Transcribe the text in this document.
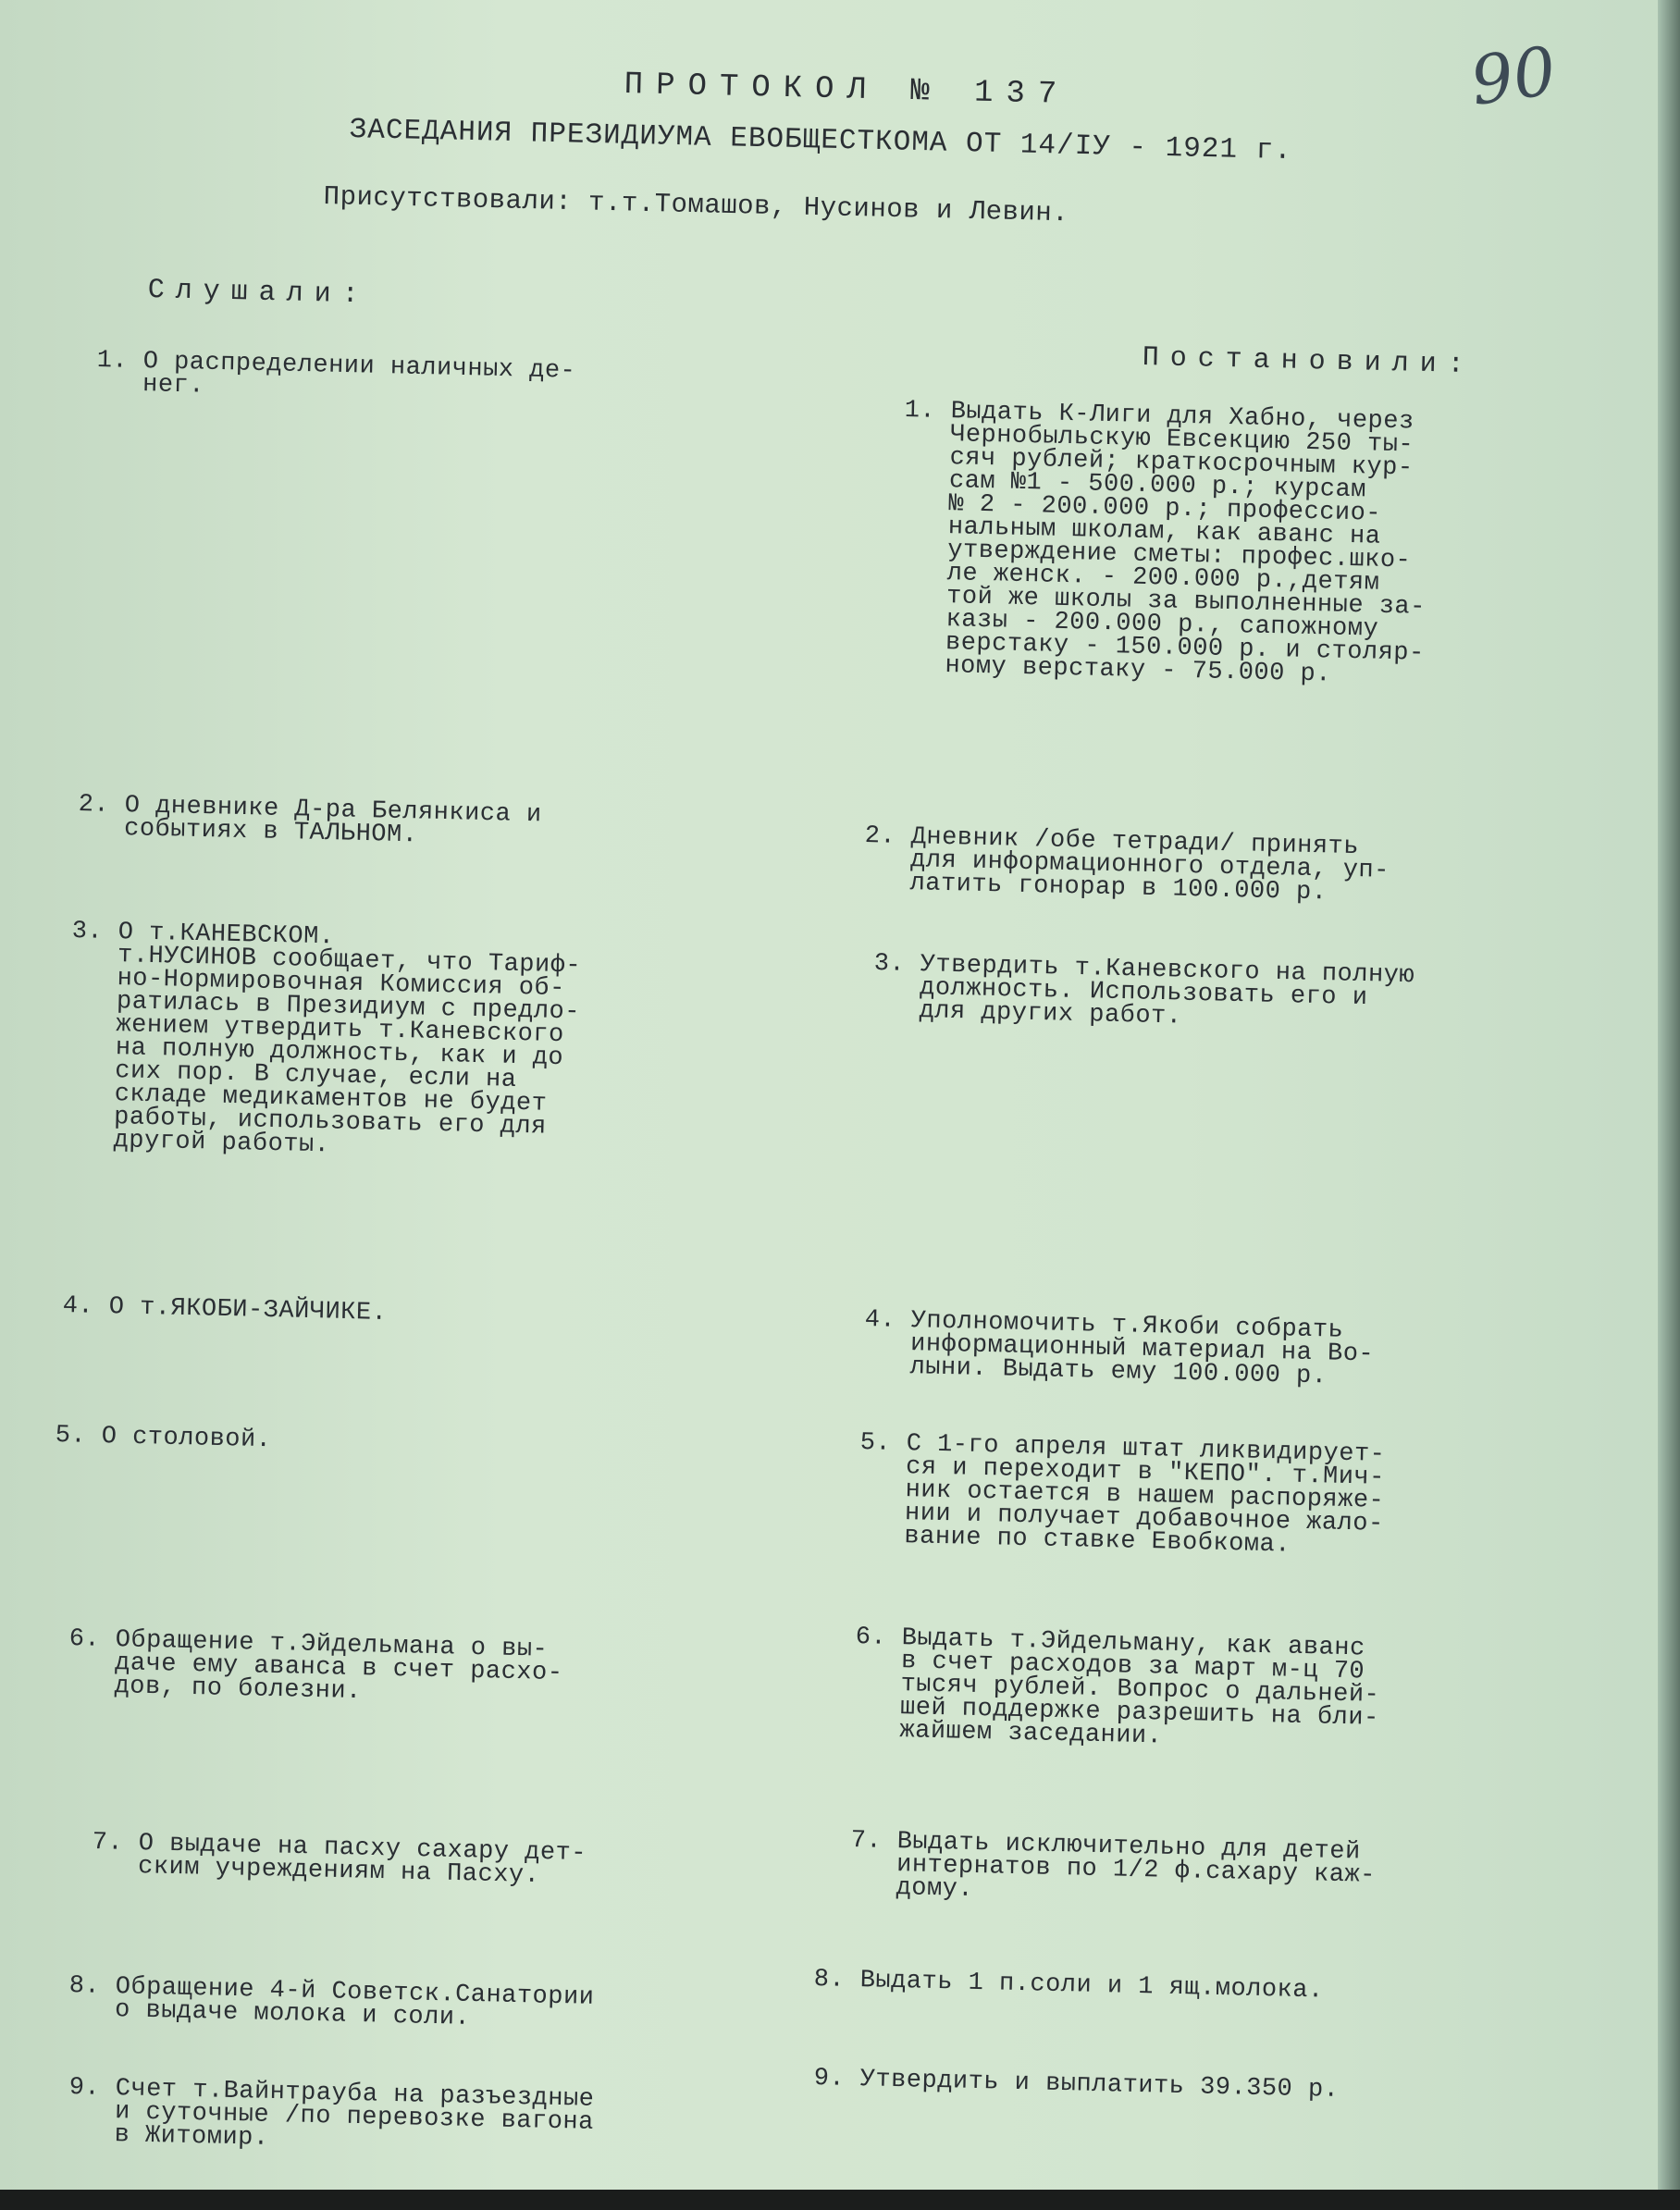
90
ПРОТОКОЛ № 137
ЗАСЕДАНИЯ ПРЕЗИДИУМА ЕВОБЩЕСТКОМА ОТ 14/IУ - 1921 г.
Присутствовали: т.т.Томашов, Нусинов и Левин.
Слушали:
Постановили:
1. О распределении наличных де-
нег.
1. Выдать К-Лиги для Хабно, через
Чернобыльскую Евсекцию 250 ты-
сяч рублей; краткосрочным кур-
сам №1 - 500.000 р.; курсам
№ 2 - 200.000 р.; профессио-
нальным школам, как аванс на
утверждение сметы: профес.шко-
ле женск. - 200.000 р.,детям
той же школы за выполненные за-
казы - 200.000 р., сапожному
верстаку - 150.000 р. и столяр-
ному верстаку - 75.000 р.
2. О дневнике Д-ра Белянкиса и
событиях в ТАЛЬНОМ.	2. Дневник /обе тетради/ принять
для информационного отдела, уп-
латить гонорар в 100.000 р.
3. О т.КАНЕВСКОМ.
т.НУСИНОВ сообщает, что Тариф-
но-Нормировочная Комиссия об-
ратилась в Президиум с предло-
жением утвердить т.Каневского
на полную должность, как и до
сих пор. В случае, если на
складе медикаментов не будет
работы, использовать его для
другой работы.
3. Утвердить т.Каневского на полную
должность. Использовать его и
для других работ.
4. О т.ЯКОБИ-ЗАЙЧИКЕ.	4. Уполномочить т.Якоби собрать
информационный материал на Во-
лыни. Выдать ему 100.000 р.
5. О столовой.	5. С 1-го апреля штат ликвидирует-
ся и переходит в "КЕПО". т.Мич-
ник остается в нашем распоряже-
нии и получает добавочное жало-
вание по ставке Евобкома.
6. Обращение т.Эйдельмана о вы-
даче ему аванса в счет расхо-
дов, по болезни.
6. Выдать т.Эйдельману, как аванс
в счет расходов за март м-ц 70
тысяч рублей. Вопрос о дальней-
шей поддержке разрешить на бли-
жайшем заседании.
7. О выдаче на пасху сахару дет-
ским учреждениям на Пасху.
7. Выдать исключительно для детей
интернатов по 1/2 ф.сахару каж-
дому.
8. Обращение 4-й Советск.Санатории
о выдаче молока и соли.
8. Выдать 1 п.соли и 1 ящ.молока.
9. Счет т.Вайнтрауба на разъездные
и суточные /по перевозке вагона
в Житомир.
9. Утвердить и выплатить 39.350 р.
